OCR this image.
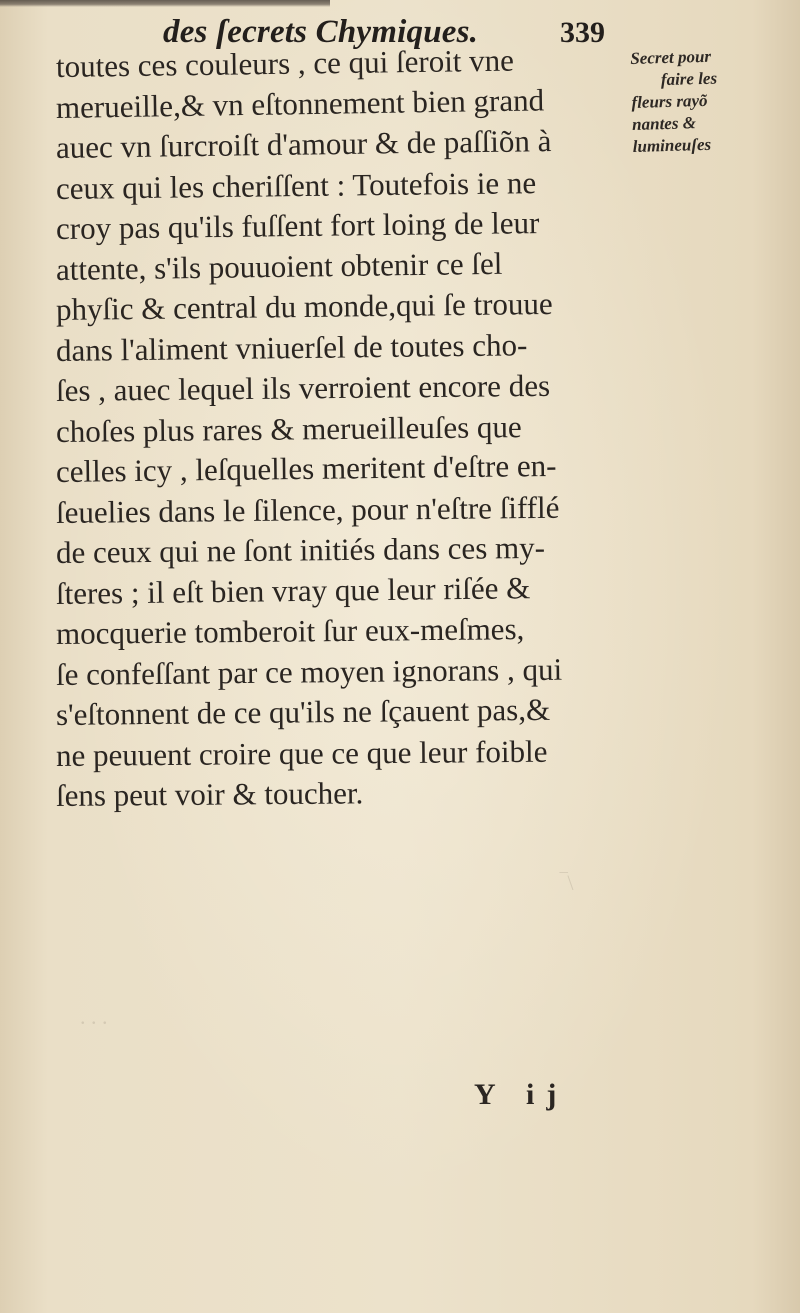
des ſecrets Chymiques.	339
toutes ces couleurs , ce qui ſeroit vne
merueille,& vn eſtonnement bien grand
auec vn ſurcroiſt d'amour & de paſſiõn à
ceux qui les cheriſſent : Toutefois ie ne
croy pas qu'ils fuſſent fort loing de leur
attente, s'ils pouuoient obtenir ce ſel
phyſic & central du monde,qui ſe trouue
dans l'aliment vniuerſel de toutes cho-
ſes , auec lequel ils verroient encore des
choſes plus rares & merueilleuſes que
celles icy , leſquelles meritent d'eſtre en-
ſeuelies dans le ſilence, pour n'eſtre ſifflé
de ceux qui ne ſont initiés dans ces my-
ſteres ; il eſt bien vray que leur riſée &
mocquerie tomberoit ſur eux-meſmes,
ſe confeſſant par ce moyen ignorans , qui
s'eſtonnent de ce qu'ils ne ſçauent pas,&
ne peuuent croire que ce que leur foible
ſens peut voir & toucher.
Secret pour
faire les
fleurs rayõ
nantes &
lumineuſes
Y ij
∙ ∙ ∙
/‾
